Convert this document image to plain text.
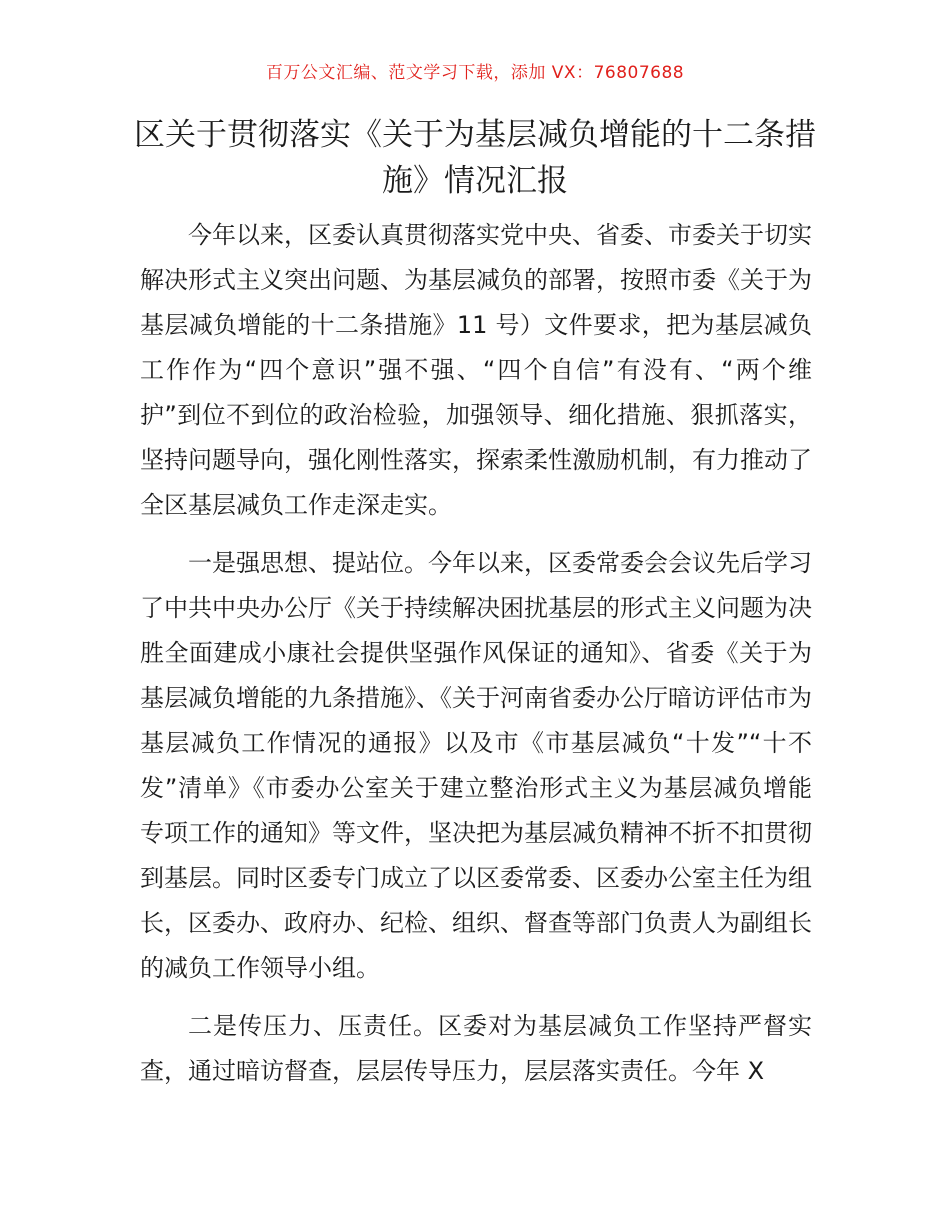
百万公文汇编、范文学习下载，添加 VX：76807688
区关于贯彻落实《关于为基层减负增能的十二条措施》情况汇报

今年以来，区委认真贯彻落实党中央、省委、市委关于切实解决形式主义突出问题、为基层减负的部署，按照市委《关于为基层减负增能的十二条措施》11 号）文件要求，把为基层减负工作作为“四个意识”强不强、“四个自信”有没有、“两个维护”到位不到位的政治检验，加强领导、细化措施、狠抓落实，坚持问题导向，强化刚性落实，探索柔性激励机制，有力推动了全区基层减负工作走深走实。

一是强思想、提站位。今年以来，区委常委会会议先后学习了中共中央办公厅《关于持续解决困扰基层的形式主义问题为决胜全面建成小康社会提供坚强作风保证的通知》、省委《关于为基层减负增能的九条措施》、《关于河南省委办公厅暗访评估市为基层减负工作情况的通报》以及市《市基层减负“十发”“十不发”清单》《市委办公室关于建立整治形式主义为基层减负增能专项工作的通知》等文件，坚决把为基层减负精神不折不扣贯彻到基层。同时区委专门成立了以区委常委、区委办公室主任为组长，区委办、政府办、纪检、组织、督查等部门负责人为副组长的减负工作领导小组。

二是传压力、压责任。区委对为基层减负工作坚持严督实查，通过暗访督查，层层传导压力，层层落实责任。今年 X
